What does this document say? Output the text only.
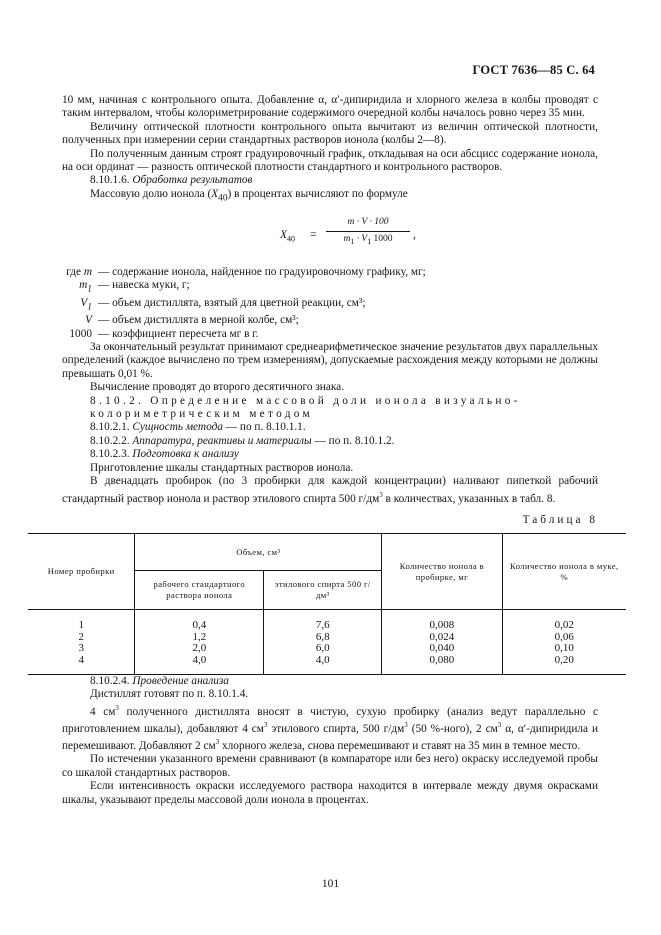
ГОСТ 7636—85 С. 64

10 мм, начиная с контрольного опыта. Добавление α, α′-дипиридила и хлорного железа в колбы проводят с таким интервалом, чтобы колориметрирование содержимого очередной колбы началось ровно через 35 мин.

Величину оптической плотности контрольного опыта вычитают из величин оптической плотности, полученных при измерении серии стандартных растворов ионола (колбы 2—8).

По полученным данным строят градуировочный график, откладывая на оси абсцисс содержание ионола, на оси ординат — разность оптической плотности стандартного и контрольного растворов.

8.10.1.6. Обработка результатов

Массовую долю ионола $(X_{40})$ в процентах вычисляют по формуле

$X_{40} = \frac{m \cdot V \cdot 100}{m_1 \cdot V_1 1000}$ ,
где m — содержание ионола, найденное по градуировочному графику, мг;
$m_1$ — навеска муки, г;
$V_1$ — объем дистиллята, взятый для цветной реакции, см³;
V — объем дистиллята в мерной колбе, см³;
1000 — коэффициент пересчета мг в г.

За окончательный результат принимают среднеарифметическое значение результатов двух параллельных определений (каждое вычислено по трем измерениям), допускаемые расхождения между которыми не должны превышать 0,01 %.

Вычисление проводят до второго десятичного знака.

8.10.2. Определение массовой доли ионола визуально-колориметрическим методом

8.10.2.1. Сущность метода — по п. 8.10.1.1.

8.10.2.2. Аппаратура, реактивы и материалы — по п. 8.10.1.2.

8.10.2.3. Подготовка к анализу

Приготовление шкалы стандартных растворов ионола.

В двенадцать пробирок (по 3 пробирки для каждой концентрации) наливают пипеткой рабочий стандартный раствор ионола и раствор этилового спирта 500 $г/дм^3$ в количествах, указанных в табл. 8.

Таблица 8
Номер пробирки	Объем, см³		Количество ионола в пробирке, мг	Количество ионола в муке, %
	рабочего стандартного раствора ионола	этилового спирта 500 г/дм³		
1	0,4	7,6	0,008	0,02
2	1,2	6,8	0,024	0,06
3	2,0	6,0	0,040	0,10
4	4,0	4,0	0,080	0,20

8.10.2.4. Проведение анализа

Дистиллят готовят по п. 8.10.1.4.

4 $см^3$ полученного дистиллята вносят в чистую, сухую пробирку (анализ ведут параллельно с приготовлением шкалы), добавляют 4 $см^3$ этилового спирта, 500 $г/дм^3$ (50 %-ного), 2 $см^3$ α, α′-дипиридила и перемешивают. Добавляют 2 $см^3$ хлорного железа, снова перемешивают и ставят на 35 мин в темное место.

По истечении указанного времени сравнивают (в компараторе или без него) окраску исследуемой пробы со шкалой стандартных растворов.

Если интенсивность окраски исследуемого раствора находится в интервале между двумя окрасками шкалы, указывают пределы массовой доли ионола в процентах.

101
